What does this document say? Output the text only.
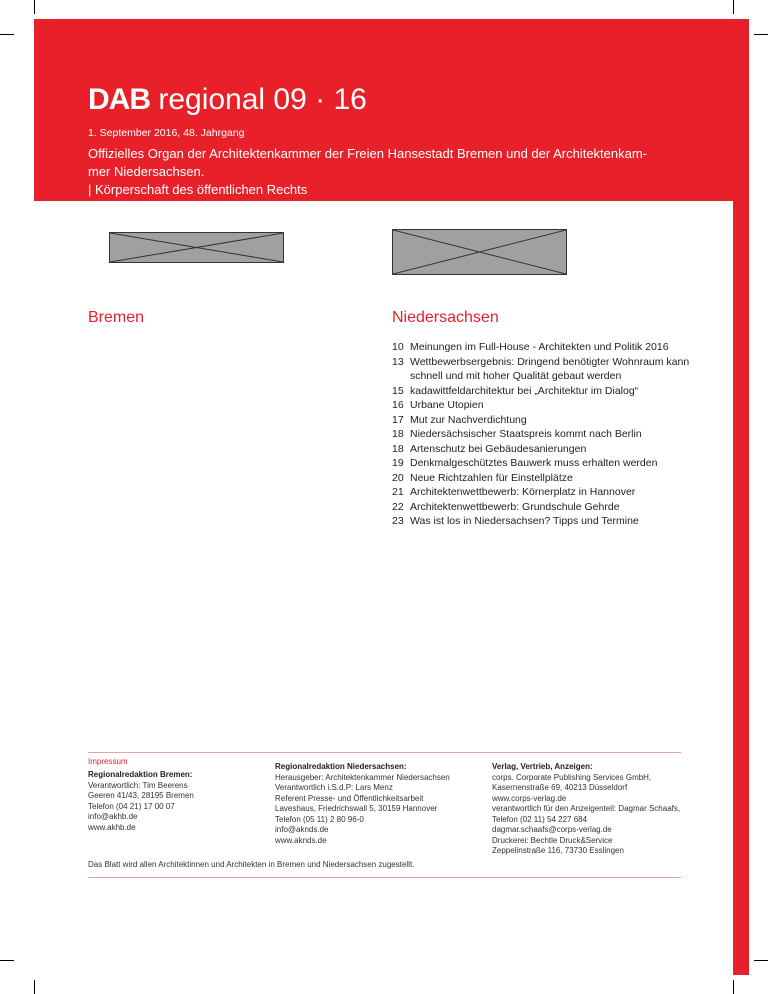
DAB regional 09 · 16
1. September 2016, 48. Jahrgang
Offizielles Organ der Architektenkammer der Freien Hansestadt Bremen und der Architektenkam-
mer Niedersachsen.
| Körperschaft des öffentlichen Rechts
Bremen	Niedersachsen
10 Meinungen im Full-House - Architekten und Politik 2016
13 Wettbewerbsergebnis: Dringend benötigter Wohnraum kann schnell und mit hoher Qualität gebaut werden
15 kadawittfeldarchitektur bei „Architektur im Dialog“
16 Urbane Utopien
17 Mut zur Nachverdichtung
18 Niedersächsischer Staatspreis kommt nach Berlin
18 Artenschutz bei Gebäudesanierungen
19 Denkmalgeschütztes Bauwerk muss erhalten werden
20 Neue Richtzahlen für Einstellplätze
21 Architektenwettbewerb: Körnerplatz in Hannover
22 Architektenwettbewerb: Grundschule Gehrde
23 Was ist los in Niedersachsen? Tipps und Termine
Impressum
Regionalredaktion Bremen:
Verantwortlich: Tim Beerens
Geeren 41/43, 28195 Bremen
Telefon (04 21) 17 00 07
info@akhb.de
www.akhb.de
Regionalredaktion Niedersachsen:
Herausgeber: Architektenkammer Niedersachsen
Verantwortlich i.S.d.P: Lars Menz
Referent Presse- und Öffentlichkeitsarbeit
Laveshaus, Friedrichswall 5, 30159 Hannover
Telefon (05 11) 2 80 96-0
info@aknds.de
www.aknds.de
Verlag, Vertrieb, Anzeigen:
corps. Corporate Publishing Services GmbH,
Kasernenstraße 69, 40213 Düsseldorf
www.corps-verlag.de
verantwortlich für den Anzeigenteil: Dagmar Schaafs,
Telefon (02 11) 54 227 684
dagmar.schaafs@corps-verlag.de
Druckerei: Bechtle Druck&Service
Zeppelinstraße 116, 73730 Esslingen
Das Blatt wird allen Architektinnen und Architekten in Bremen und Niedersachsen zugestellt.
